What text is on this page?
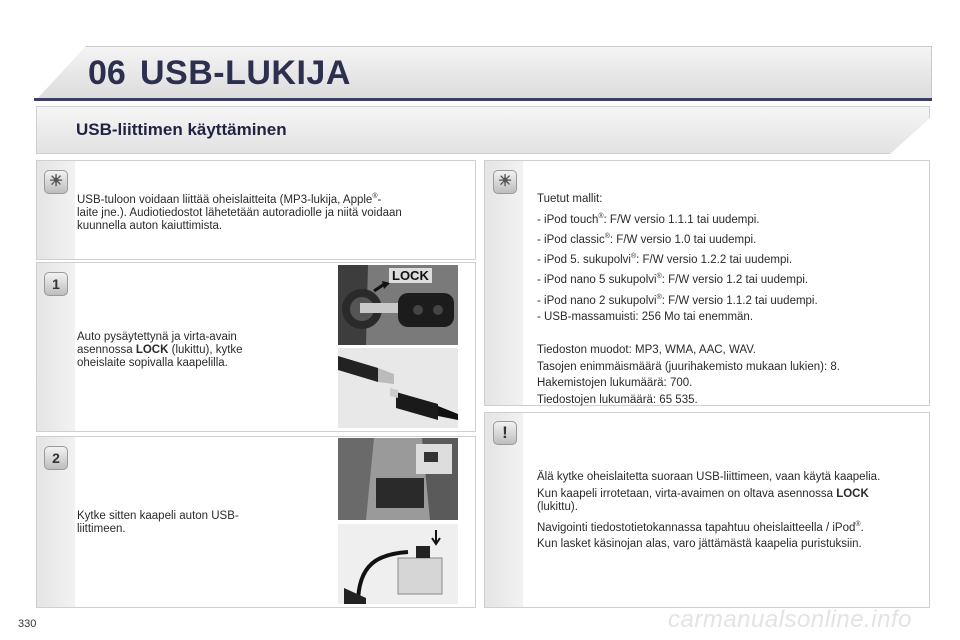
06 USB-LUKIJA
USB-liittimen käyttäminen
☀
USB-tuloon voidaan liittää oheislaitteita (MP3-lukija, Apple®-
laite jne.). Audiotiedostot lähetetään autoradiolle ja niitä voidaan
kuunnella auton kaiuttimista.
1
Auto pysäytettynä ja virta-avain
asennossa LOCK (lukittu), kytke
oheislaite sopivalla kaapelilla.
LOCK
2
Kytke sitten kaapeli auton USB-
liittimeen.
☀
Tuetut mallit:
- iPod touch®: F/W versio 1.1.1 tai uudempi.
- iPod classic®: F/W versio 1.0 tai uudempi.
- iPod 5. sukupolvi®: F/W versio 1.2.2 tai uudempi.
- iPod nano 5 sukupolvi®: F/W versio 1.2 tai uudempi.
- iPod nano 2 sukupolvi®: F/W versio 1.1.2 tai uudempi.
- USB-massamuisti: 256 Mo tai enemmän.
Tiedoston muodot: MP3, WMA, AAC, WAV.
Tasojen enimmäismäärä (juurihakemisto mukaan lukien): 8.
Hakemistojen lukumäärä: 700.
Tiedostojen lukumäärä: 65 535.
!
Älä kytke oheislaitetta suoraan USB-liittimeen, vaan käytä kaapelia.
Kun kaapeli irrotetaan, virta-avaimen on oltava asennossa LOCK
(lukittu).
Navigointi tiedostotietokannassa tapahtuu oheislaitteella / iPod®.
Kun lasket käsinojan alas, varo jättämästä kaapelia puristuksiin.
330	carmanualsonline.info
